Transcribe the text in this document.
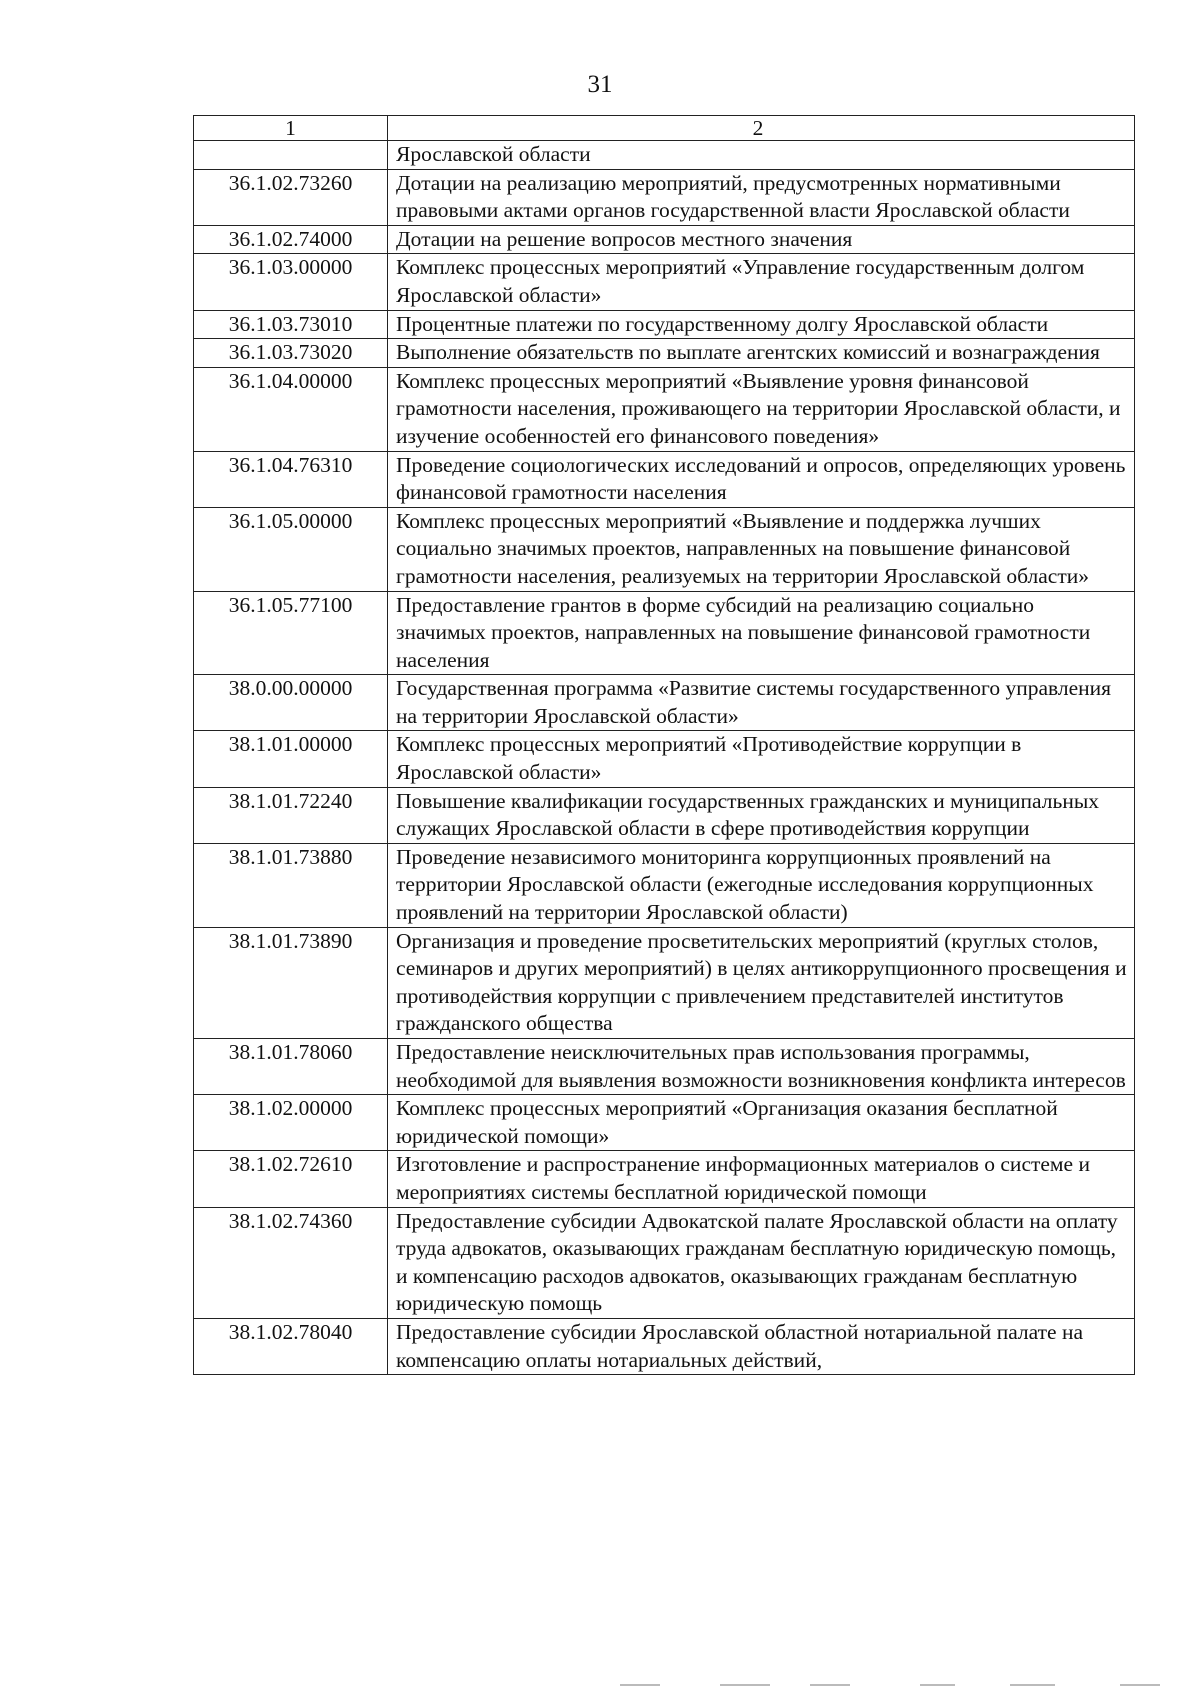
31
1	2
	Ярославской области
36.1.02.73260	Дотации на реализацию мероприятий, предусмотренных нормативными правовыми актами органов государственной власти Ярославской области
36.1.02.74000	Дотации на решение вопросов местного значения
36.1.03.00000	Комплекс процессных мероприятий «Управление государственным долгом Ярославской области»
36.1.03.73010	Процентные платежи по государственному долгу Ярославской области
36.1.03.73020	Выполнение обязательств по выплате агентских комиссий и вознаграждения
36.1.04.00000	Комплекс процессных мероприятий «Выявление уровня финансовой грамотности населения, проживающего на территории Ярославской области, и изучение особенностей его финансового поведения»
36.1.04.76310	Проведение социологических исследований и опросов, определяющих уровень финансовой грамотности населения
36.1.05.00000	Комплекс процессных мероприятий «Выявление и поддержка лучших социально значимых проектов, направленных на повышение финансовой грамотности населения, реализуемых на территории Ярославской области»
36.1.05.77100	Предоставление грантов в форме субсидий на реализацию социально значимых проектов, направленных на повышение финансовой грамотности населения
38.0.00.00000	Государственная программа «Развитие системы государственного управления на территории Ярославской области»
38.1.01.00000	Комплекс процессных мероприятий «Противодействие коррупции в Ярославской области»
38.1.01.72240	Повышение квалификации государственных гражданских и муниципальных служащих Ярославской области в сфере противодействия коррупции
38.1.01.73880	Проведение независимого мониторинга коррупционных проявлений на территории Ярославской области (ежегодные исследования коррупционных проявлений на территории Ярославской области)
38.1.01.73890	Организация и проведение просветительских мероприятий (круглых столов, семинаров и других мероприятий) в целях антикоррупционного просвещения и противодействия коррупции с привлечением представителей институтов гражданского общества
38.1.01.78060	Предоставление неисключительных прав использования программы, необходимой для выявления возможности возникновения конфликта интересов
38.1.02.00000	Комплекс процессных мероприятий «Организация оказания бесплатной юридической помощи»
38.1.02.72610	Изготовление и распространение информационных материалов о системе и мероприятиях системы бесплатной юридической помощи
38.1.02.74360	Предоставление субсидии Адвокатской палате Ярославской области на оплату труда адвокатов, оказывающих гражданам бесплатную юридическую помощь, и компенсацию расходов адвокатов, оказывающих гражданам бесплатную юридическую помощь
38.1.02.78040	Предоставление субсидии Ярославской областной нотариальной палате на компенсацию оплаты нотариальных действий,
